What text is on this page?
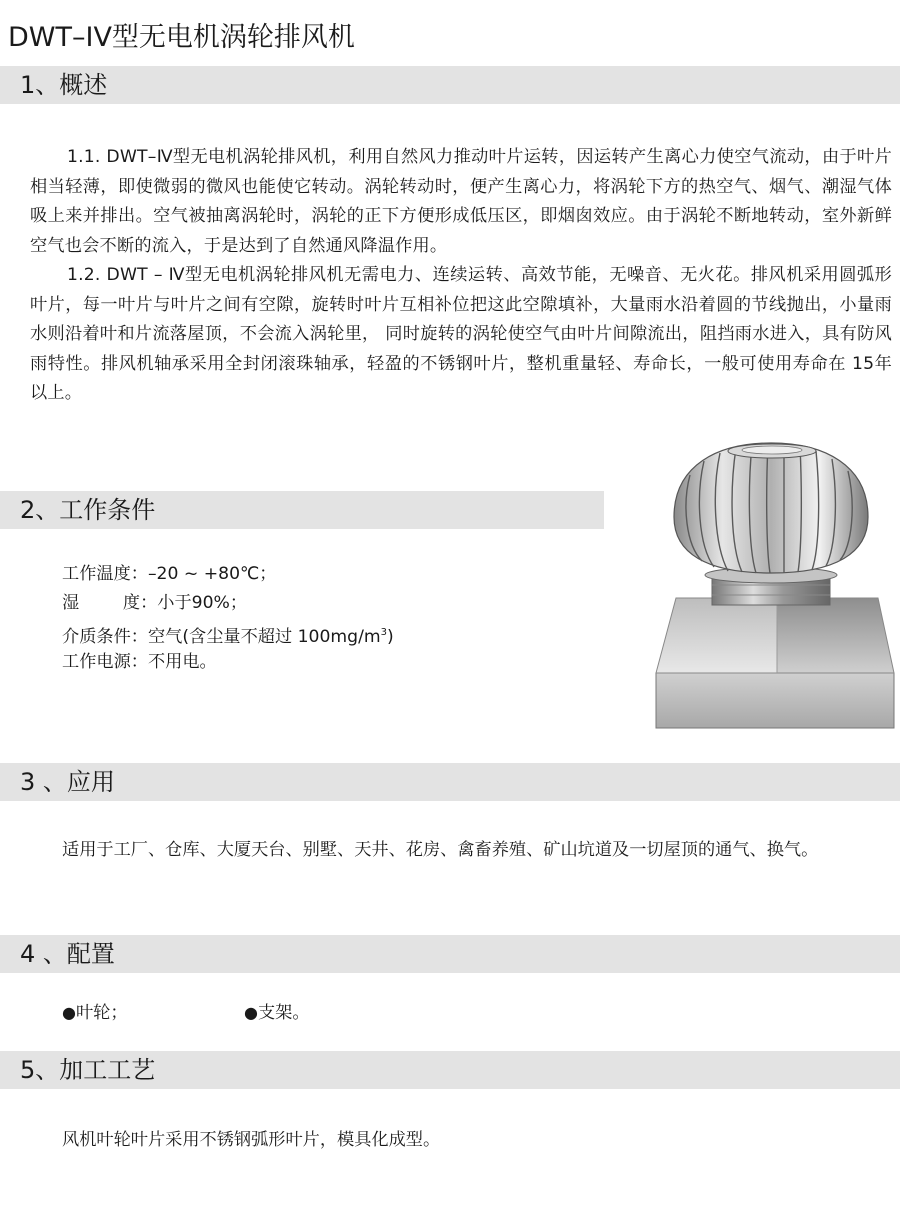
DWT–IV型无电机涡轮排风机
1、概述

1.1. DWT–Ⅳ型无电机涡轮排风机，利用自然风力推动叶片运转，因运转产生离心力使空气流动，由于叶片相当轻薄，即使微弱的微风也能使它转动。涡轮转动时，便产生离心力，将涡轮下方的热空气、烟气、潮湿气体吸上来并排出。空气被抽离涡轮时，涡轮的正下方便形成低压区，即烟囱效应。由于涡轮不断地转动，室外新鲜空气也会不断的流入，于是达到了自然通风降温作用。

1.2. DWT – Ⅳ型无电机涡轮排风机无需电力、连续运转、高效节能，无噪音、无火花。排风机采用圆弧形叶片，每一叶片与叶片之间有空隙，旋转时叶片互相补位把这此空隙填补，大量雨水沿着圆的节线抛出，小量雨水则沿着叶和片流落屋顶，不会流入涡轮里， 同时旋转的涡轮使空气由叶片间隙流出，阻挡雨水进入，具有防风雨特性。排风机轴承采用全封闭滚珠轴承，轻盈的不锈钢叶片，整机重量轻、寿命长，一般可使用寿命在 15年 以上。

2、工作条件
工作温度：–20 ~ +80℃；
湿        度：小于90%；
介质条件：空气(含尘量不超过 $100mg/m^3$)
工作电源：不用电。
3 、应用
适用于工厂、仓库、大厦天台、别墅、天井、花房、禽畜养殖、矿山坑道及一切屋顶的通气、换气。
4 、配置
●叶轮；	●支架。
5、加工工艺
风机叶轮叶片采用不锈钢弧形叶片，模具化成型。
